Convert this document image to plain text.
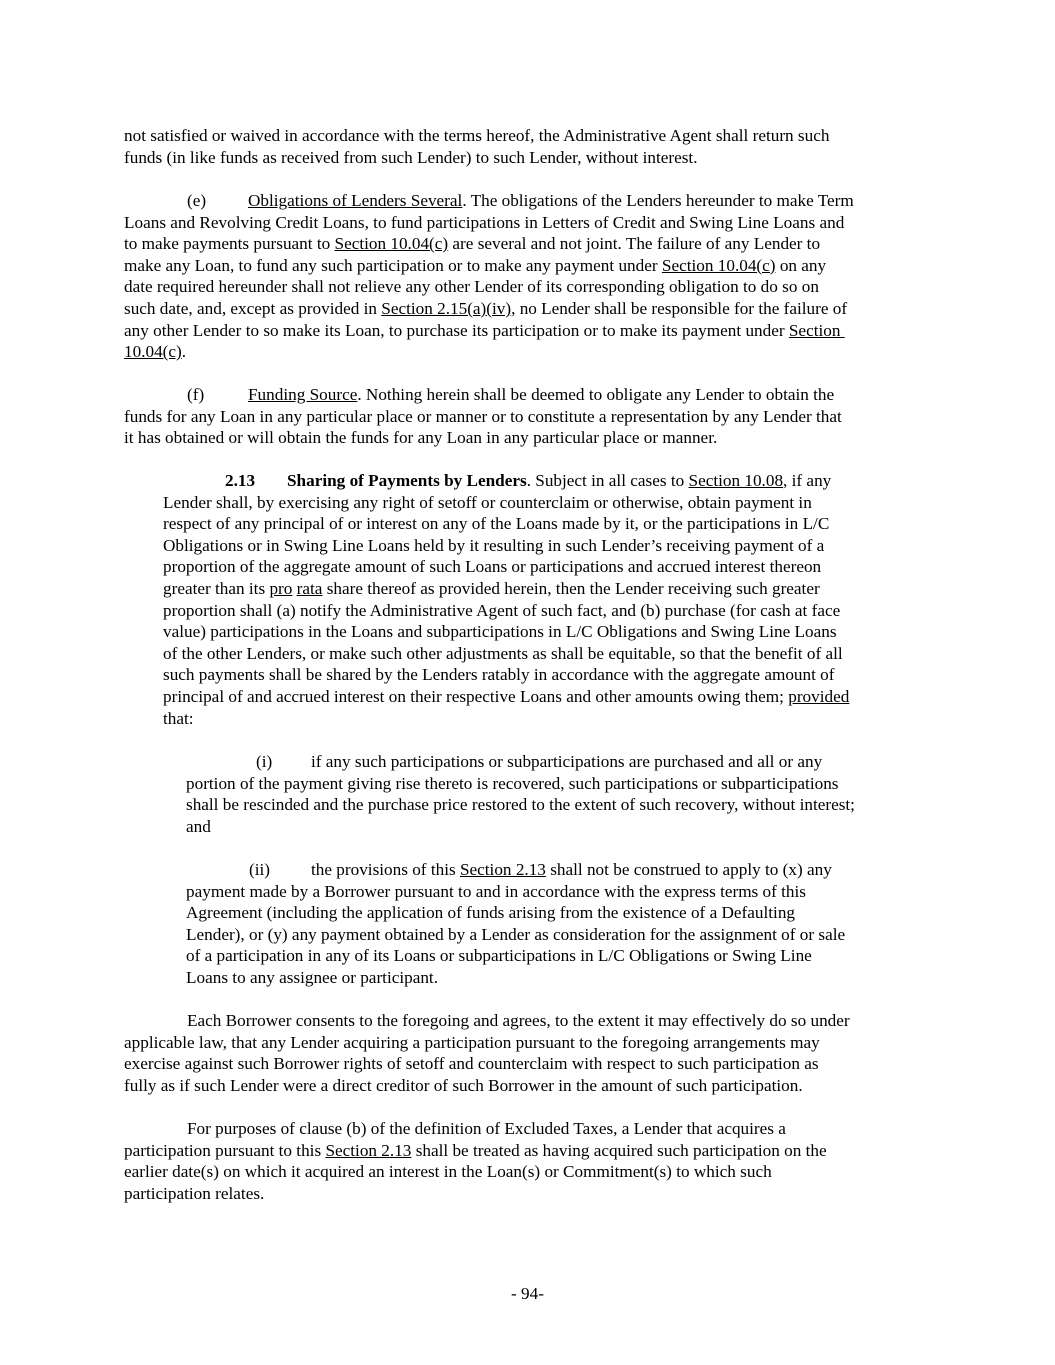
not satisfied or waived in accordance with the terms hereof, the Administrative Agent shall return such
funds (in like funds as received from such Lender) to such Lender, without interest.
(e) Obligations of Lenders Several. The obligations of the Lenders hereunder to make Term
Loans and Revolving Credit Loans, to fund participations in Letters of Credit and Swing Line Loans and
to make payments pursuant to Section 10.04(c) are several and not joint. The failure of any Lender to
make any Loan, to fund any such participation or to make any payment under Section 10.04(c) on any
date required hereunder shall not relieve any other Lender of its corresponding obligation to do so on
such date, and, except as provided in Section 2.15(a)(iv), no Lender shall be responsible for the failure of
any other Lender to so make its Loan, to purchase its participation or to make its payment under Section
10.04(c).
(f)	Funding Source. Nothing herein shall be deemed to obligate any Lender to obtain the
funds for any Loan in any particular place or manner or to constitute a representation by any Lender that
it has obtained or will obtain the funds for any Loan in any particular place or manner.
2.13 Sharing of Payments by Lenders. Subject in all cases to Section 10.08, if any
Lender shall, by exercising any right of setoff or counterclaim or otherwise, obtain payment in
respect of any principal of or interest on any of the Loans made by it, or the participations in L/C
Obligations or in Swing Line Loans held by it resulting in such Lender’s receiving payment of a
proportion of the aggregate amount of such Loans or participations and accrued interest thereon
greater than its pro rata share thereof as provided herein, then the Lender receiving such greater
proportion shall (a) notify the Administrative Agent of such fact, and (b) purchase (for cash at face
value) participations in the Loans and subparticipations in L/C Obligations and Swing Line Loans
of the other Lenders, or make such other adjustments as shall be equitable, so that the benefit of all
such payments shall be shared by the Lenders ratably in accordance with the aggregate amount of
principal of and accrued interest on their respective Loans and other amounts owing them; provided
that:
(i) if any such participations or subparticipations are purchased and all or any
portion of the payment giving rise thereto is recovered, such participations or subparticipations
shall be rescinded and the purchase price restored to the extent of such recovery, without interest;
and
(ii) the provisions of this Section 2.13 shall not be construed to apply to (x) any
payment made by a Borrower pursuant to and in accordance with the express terms of this
Agreement (including the application of funds arising from the existence of a Defaulting
Lender), or (y) any payment obtained by a Lender as consideration for the assignment of or sale
of a participation in any of its Loans or subparticipations in L/C Obligations or Swing Line
Loans to any assignee or participant.
Each Borrower consents to the foregoing and agrees, to the extent it may effectively do so under
applicable law, that any Lender acquiring a participation pursuant to the foregoing arrangements may
exercise against such Borrower rights of setoff and counterclaim with respect to such participation as
fully as if such Lender were a direct creditor of such Borrower in the amount of such participation.
For purposes of clause (b) of the definition of Excluded Taxes, a Lender that acquires a
participation pursuant to this Section 2.13 shall be treated as having acquired such participation on the
earlier date(s) on which it acquired an interest in the Loan(s) or Commitment(s) to which such
participation relates.
- 94-
